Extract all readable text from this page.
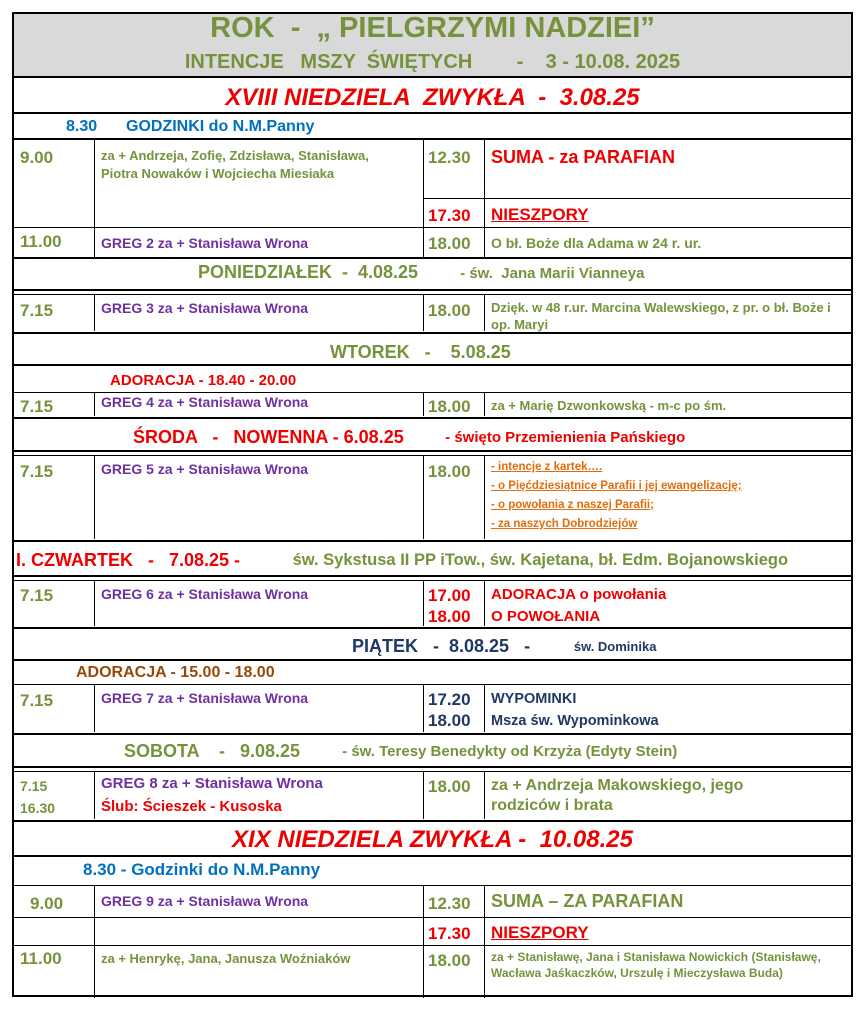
ROK  -  „ PIELGRZYMI NADZIEI”
INTENCJE   MSZY  ŚWIĘTYCH        -    3 - 10.08. 2025
XVIII NIEDZIELA  ZWYKŁA  -  3.08.25
8.30 GODZINKI do N.M.Panny
9.00	za + Andrzeja, Zofię, Zdzisława, Stanisława, Piotra Nowaków i Wojciecha Miesiaka
12.30 SUMA - za PARAFIAN
17.30 NIESZPORY
11.00	GREG 2 za + Stanisława Wrona	18.00 O bł. Boże dla Adama w 24 r. ur.
PONIEDZIAŁEK  -  4.08.25	- św.  Jana Marii Vianneya
7.15	GREG 3 za + Stanisława Wrona	18.00 Dzięk. w 48 r.ur. Marcina Walewskiego, z pr. o bł. Boże i op. Maryi
WTOREK   -    5.08.25
ADORACJA - 18.40 - 20.00
7.15	GREG 4 za + Stanisława Wrona	18.00 za + Marię Dzwonkowską - m-c po śm.
ŚRODA   -   NOWENNA - 6.08.25 - święto Przemienienia Pańskiego
7.15	GREG 5 za + Stanisława Wrona	18.00 - intencje z kartek….
- o Pięćdziesiątnice Parafii i jej ewangelizację;
- o powołania z naszej Parafii;
- za naszych Dobrodziejów
I. CZWARTEK   -   7.08.25 -	św. Sykstusa II PP iTow., św. Kajetana, bł. Edm. Bojanowskiego
7.15	GREG 6 za + Stanisława Wrona	17.00 ADORACJA o powołania
18.00 O POWOŁANIA
PIĄTEK   -  8.08.25   -	św. Dominika
ADORACJA - 15.00 - 18.00
7.15	GREG 7 za + Stanisława Wrona	17.20 WYPOMINKI
18.00 Msza św. Wypominkowa
SOBOTA    -   9.08.25	- św. Teresy Benedykty od Krzyża (Edyty Stein)
7.15	GREG 8 za + Stanisława Wrona
16.30	Ślub: Ścieszek - Kusoska
18.00 za + Andrzeja Makowskiego, jego rodziców i brata
XIX NIEDZIELA ZWYKŁA -  10.08.25
8.30 - Godzinki do N.M.Panny
9.00	GREG 9 za + Stanisława Wrona	12.30 SUMA – ZA PARAFIAN
17.30 NIESZPORY
11.00	za + Henrykę, Jana, Janusza Woźniaków	18.00 za + Stanisławę, Jana i Stanisława Nowickich (Stanisławę, Wacława Jaśkaczków, Urszulę i Mieczysława Buda)
